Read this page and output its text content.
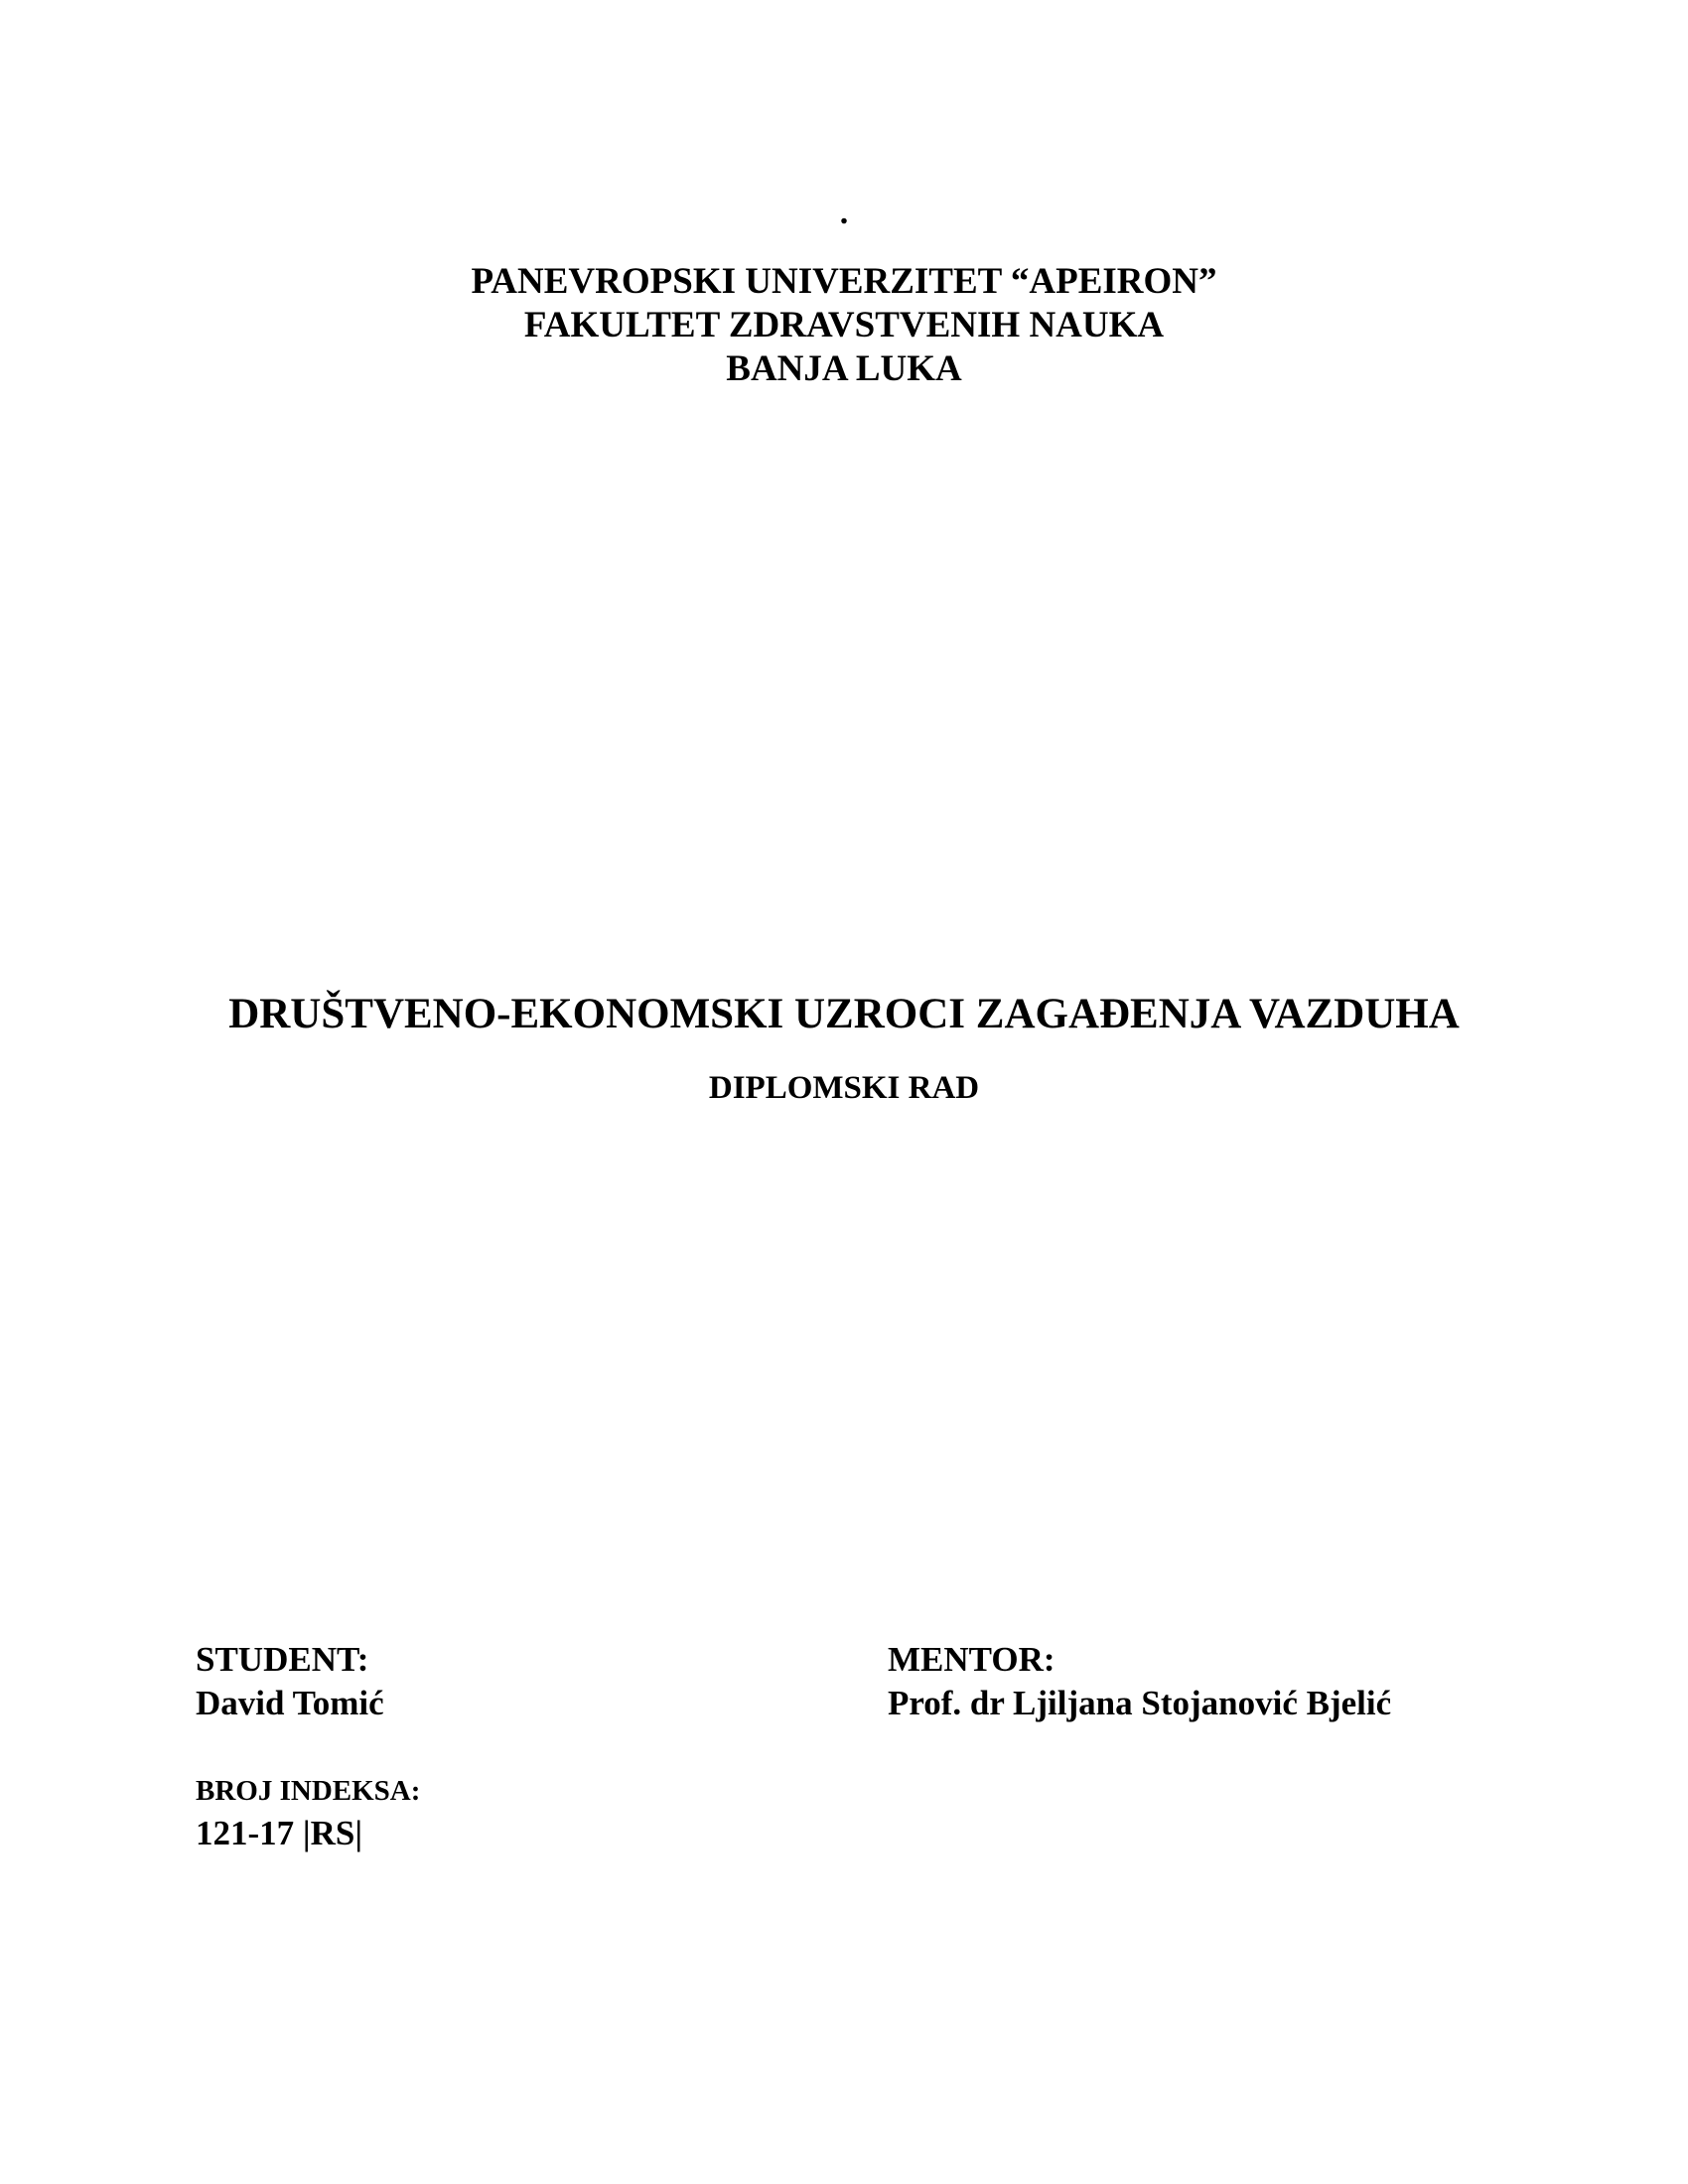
.
PANEVROPSKI UNIVERZITET “APEIRON”
FAKULTET ZDRAVSTVENIH NAUKA
BANJA LUKA
DRUŠTVENO-EKONOMSKI UZROCI ZAGAĐENJA VAZDUHA
DIPLOMSKI RAD
STUDENT:
David Tomić
MENTOR:
Prof. dr Ljiljana Stojanović Bjelić
BROJ INDEKSA:
121-17 |RS|
